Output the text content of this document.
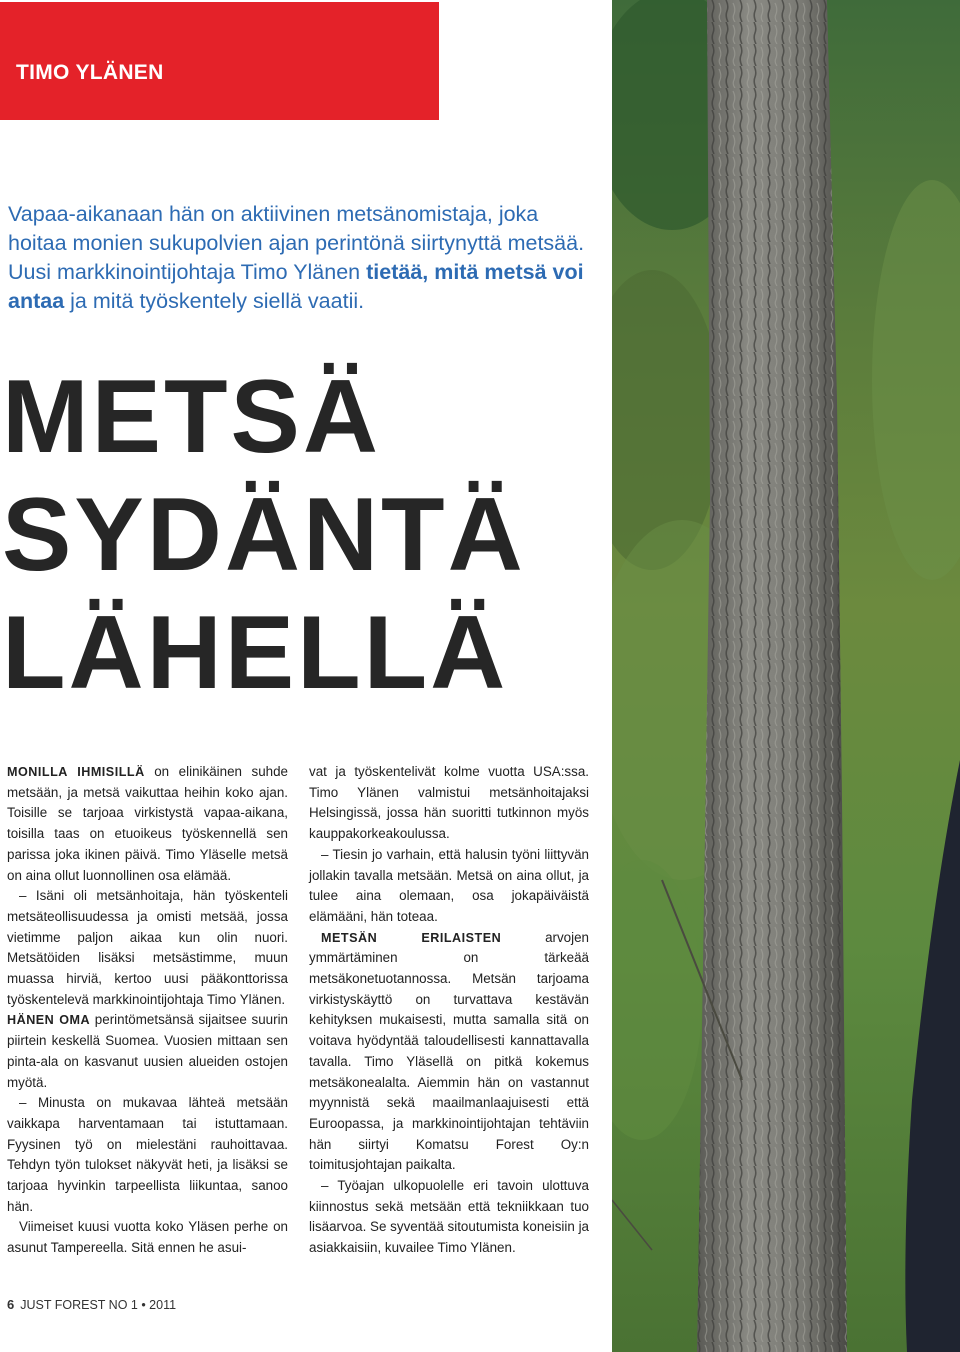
TIMO YLÄNEN
Vapaa-aikanaan hän on aktiivinen metsänomistaja, joka hoitaa monien sukupolvien ajan perintönä siirtynyttä metsää. Uusi markkinointijohtaja Timo Ylänen tietää, mitä metsä voi antaa ja mitä työskentely siellä vaatii.
METSÄ
SYDÄNTÄ
LÄHELLÄ

MONILLA IHMISILLÄ on elinikäinen suhde metsään, ja metsä vaikuttaa heihin koko ajan. Toisille se tarjoaa virkistystä vapaa-aikana, toisilla taas on etuoikeus työskennellä sen parissa joka ikinen päivä. Timo Yläselle metsä on aina ollut luonnollinen osa elämää.

– Isäni oli metsänhoitaja, hän työskenteli metsäteollisuudessa ja omisti metsää, jossa vietimme paljon aikaa kun olin nuori. Metsätöiden lisäksi metsästimme, muun muassa hirviä, kertoo uusi pääkonttorissa työskentelevä markkinointijohtaja Timo Ylänen.

HÄNEN OMA perintömetsänsä sijaitsee suurin piirtein keskellä Suomea. Vuosien mittaan sen pinta-ala on kasvanut uusien alueiden ostojen myötä.

– Minusta on mukavaa lähteä metsään vaikkapa harventamaan tai istuttamaan. Fyysinen työ on mielestäni rauhoittavaa. Tehdyn työn tulokset näkyvät heti, ja lisäksi se tarjoaa hyvinkin tarpeellista liikuntaa, sanoo hän.

Viimeiset kuusi vuotta koko Yläsen perhe on asunut Tampereella. Sitä ennen he asui-

vat ja työskentelivät kolme vuotta USA:ssa. Timo Ylänen valmistui metsänhoitajaksi Helsingissä, jossa hän suoritti tutkinnon myös kauppakorkeakoulussa.

– Tiesin jo varhain, että halusin työni liittyvän jollakin tavalla metsään. Metsä on aina ollut, ja tulee aina olemaan, osa jokapäiväistä elämääni, hän toteaa.

METSÄN ERILAISTEN arvojen ymmärtäminen on tärkeää metsäkonetuotannossa. Metsän tarjoama virkistyskäyttö on turvattava kestävän kehityksen mukaisesti, mutta samalla sitä on voitava hyödyntää taloudellisesti kannattavalla tavalla. Timo Yläsellä on pitkä kokemus metsäkonealalta. Aiemmin hän on vastannut myynnistä sekä maailmanlaajuisesti että Euroopassa, ja markkinointijohtajan tehtäviin hän siirtyi Komatsu Forest Oy:n toimitusjohtajan paikalta.

– Työajan ulkopuolelle eri tavoin ulottuva kiinnostus sekä metsään että tekniikkaan tuo lisäarvoa. Se syventää sitoutumista koneisiin ja asiakkaisiin, kuvailee Timo Ylänen.

6 JUST FOREST NO 1 • 2011
